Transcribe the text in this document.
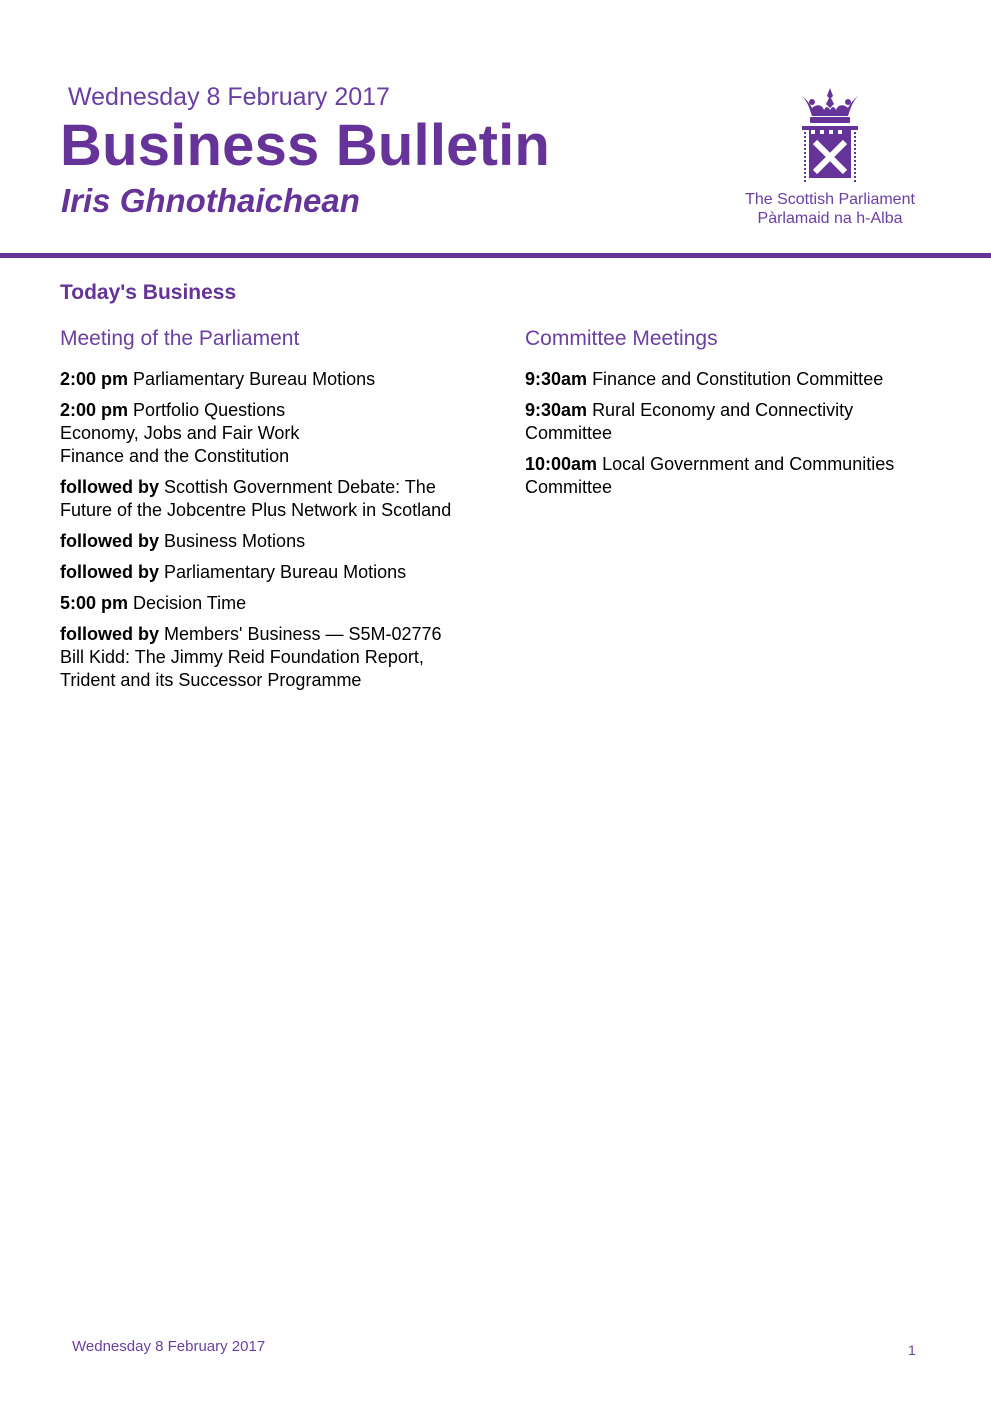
Wednesday 8 February 2017
Business Bulletin
Iris Ghnothaichean	The Scottish Parliament
Pàrlamaid na h-Alba
Today's Business
Meeting of the Parliament
2:00 pm Parliamentary Bureau Motions
2:00 pm Portfolio Questions
Economy, Jobs and Fair Work
Finance and the Constitution
followed by Scottish Government Debate: The Future of the Jobcentre Plus Network in Scotland
followed by Business Motions
followed by Parliamentary Bureau Motions
5:00 pm Decision Time
followed by Members' Business — S5M-02776 Bill Kidd: The Jimmy Reid Foundation Report, Trident and its Successor Programme
Committee Meetings
9:30am Finance and Constitution Committee
9:30am Rural Economy and Connectivity Committee
10:00am Local Government and Communities Committee
Wednesday 8 February 2017	1
